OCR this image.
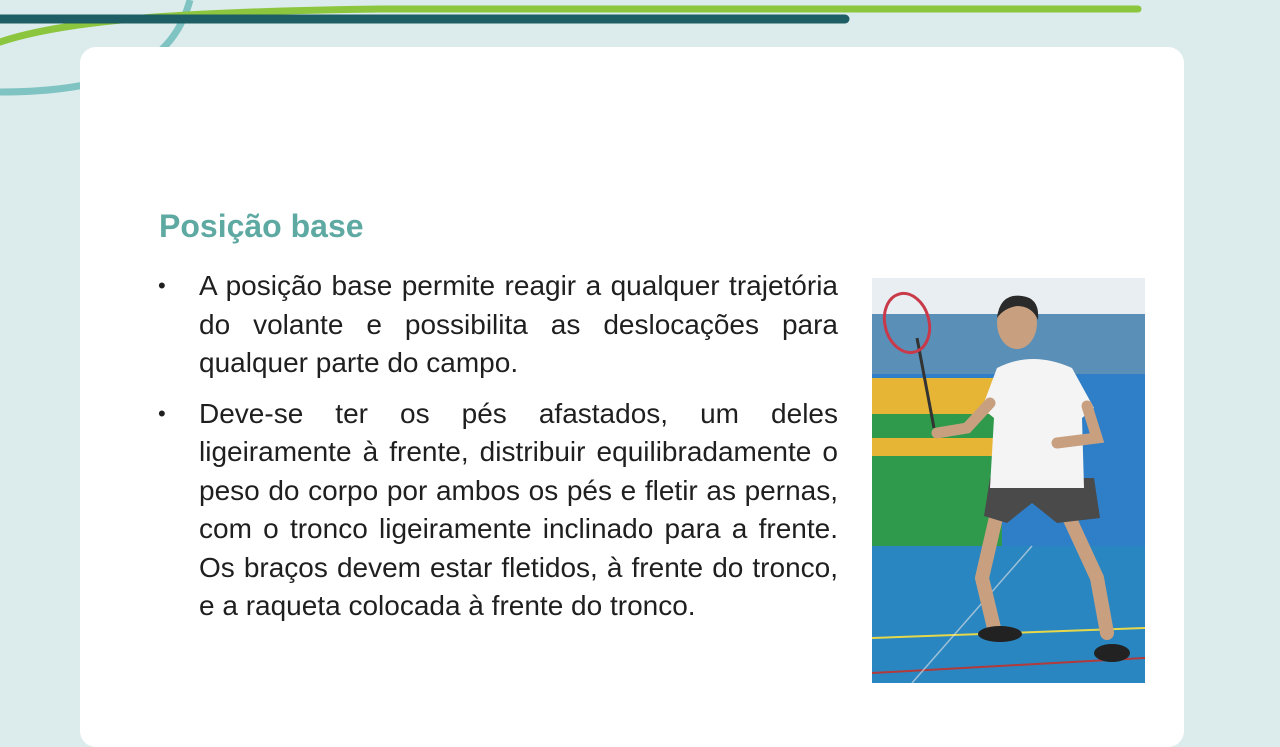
Posição base
• A posição base permite reagir a qualquer trajetória do volante e possibilita as deslocações para qualquer parte do campo.
• Deve-se ter os pés afastados, um deles ligeiramente à frente, distribuir equilibradamente o peso do corpo por ambos os pés e fletir as pernas, com o tronco ligeiramente inclinado para a frente. Os braços devem estar fletidos, à frente do tronco, e a raqueta colocada à frente do tronco.
